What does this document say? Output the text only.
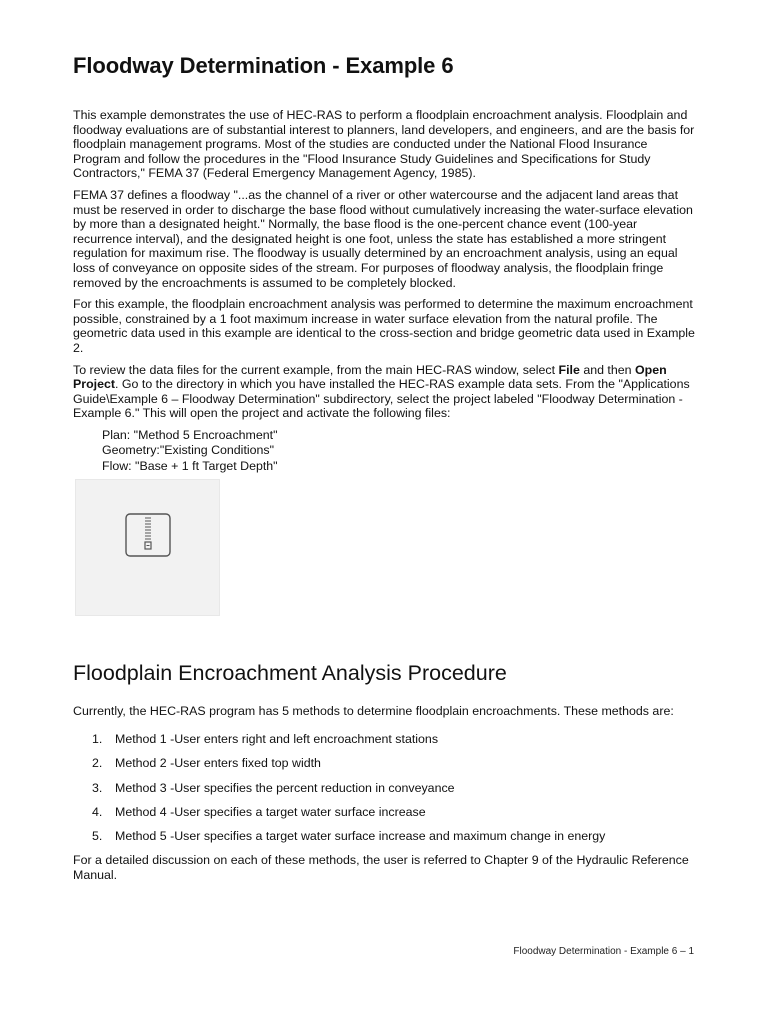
Floodway Determination - Example 6

This example demonstrates the use of HEC-RAS to perform a floodplain encroachment analysis. Floodplain and floodway evaluations are of substantial interest to planners, land developers, and engineers, and are the basis for floodplain management programs. Most of the studies are conducted under the National Flood Insurance Program and follow the procedures in the "Flood Insurance Study Guidelines and Specifications for Study Contractors," FEMA 37 (Federal Emergency Management Agency, 1985).

FEMA 37 defines a floodway "...as the channel of a river or other watercourse and the adjacent land areas that must be reserved in order to discharge the base flood without cumulatively increasing the water-surface elevation by more than a designated height." Normally, the base flood is the one-percent chance event (100-year recurrence interval), and the designated height is one foot, unless the state has established a more stringent regulation for maximum rise. The floodway is usually determined by an encroachment analysis, using an equal loss of conveyance on opposite sides of the stream. For purposes of floodway analysis, the floodplain fringe removed by the encroachments is assumed to be completely blocked.

For this example, the floodplain encroachment analysis was performed to determine the maximum encroachment possible, constrained by a 1 foot maximum increase in water surface elevation from the natural profile. The geometric data used in this example are identical to the cross-section and bridge geometric data used in Example 2.

To review the data files for the current example, from the main HEC-RAS window, select File and then Open Project. Go to the directory in which you have installed the HEC-RAS example data sets. From the "Applications Guide\Example 6 – Floodway Determination" subdirectory, select the project labeled "Floodway Determination - Example 6." This will open the project and activate the following files:

Plan: "Method 5 Encroachment"
Geometry:"Existing Conditions"
Flow: "Base + 1 ft Target Depth"
Floodplain Encroachment Analysis Procedure
Currently, the HEC-RAS program has 5 methods to determine floodplain encroachments. These methods are:
1.	Method 1 -User enters right and left encroachment stations
2.	Method 2 -User enters fixed top width
3.	Method 3 -User specifies the percent reduction in conveyance
4.	Method 4 -User specifies a target water surface increase
5.	Method 5 -User specifies a target water surface increase and maximum change in energy
For a detailed discussion on each of these methods, the user is referred to Chapter 9 of the Hydraulic Reference Manual.
Floodway Determination - Example 6 – 1
